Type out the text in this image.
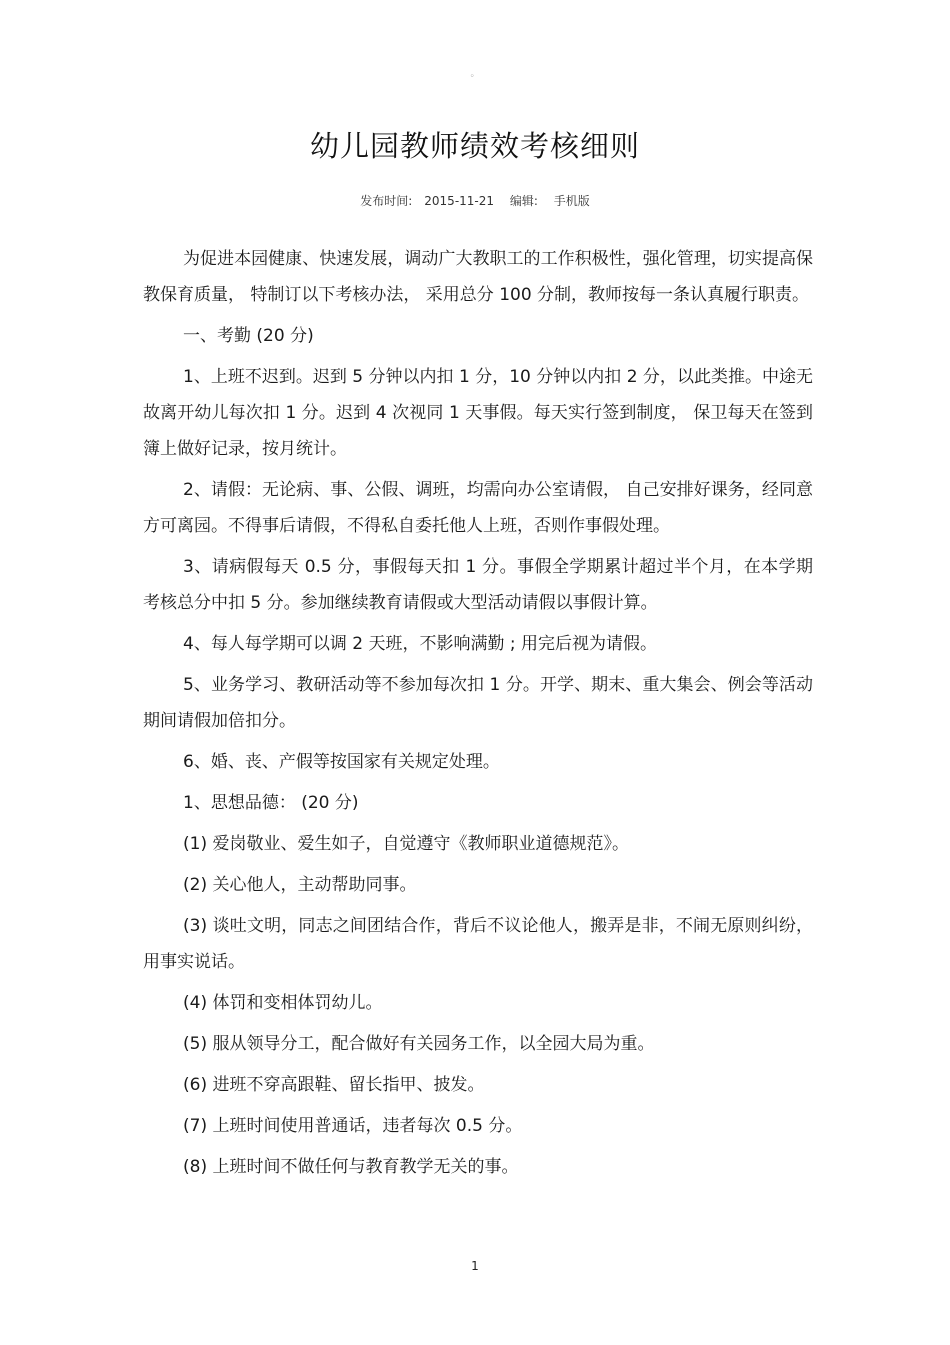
。
幼儿园教师绩效考核细则
发布时间: 2015-11-21 编辑: 手机版

为促进本园健康、快速发展，调动广大教职工的工作积极性，强化管理，切实提高保教保育质量， 特制订以下考核办法， 采用总分 100 分制，教师按每一条认真履行职责。

一、考勤 (20 分)

1、上班不迟到。迟到 5 分钟以内扣 1 分，10 分钟以内扣 2 分，以此类推。中途无故离开幼儿每次扣 1 分。迟到 4 次视同 1 天事假。每天实行签到制度， 保卫每天在签到簿上做好记录，按月统计。

2、请假：无论病、事、公假、调班，均需向办公室请假， 自己安排好课务，经同意方可离园。不得事后请假，不得私自委托他人上班，否则作事假处理。

3、请病假每天 0.5 分，事假每天扣 1 分。事假全学期累计超过半个月，在本学期考核总分中扣 5 分。参加继续教育请假或大型活动请假以事假计算。

4、每人每学期可以调 2 天班，不影响满勤 ; 用完后视为请假。

5、业务学习、教研活动等不参加每次扣 1 分。开学、期末、重大集会、例会等活动期间请假加倍扣分。

6、婚、丧、产假等按国家有关规定处理。

1、思想品德： (20 分)

(1) 爱岗敬业、爱生如子，自觉遵守《教师职业道德规范》。

(2) 关心他人，主动帮助同事。

(3) 谈吐文明，同志之间团结合作，背后不议论他人，搬弄是非，不闹无原则纠纷，用事实说话。

(4) 体罚和变相体罚幼儿。

(5) 服从领导分工，配合做好有关园务工作，以全园大局为重。

(6) 进班不穿高跟鞋、留长指甲、披发。

(7) 上班时间使用普通话，违者每次 0.5 分。

(8) 上班时间不做任何与教育教学无关的事。

1
